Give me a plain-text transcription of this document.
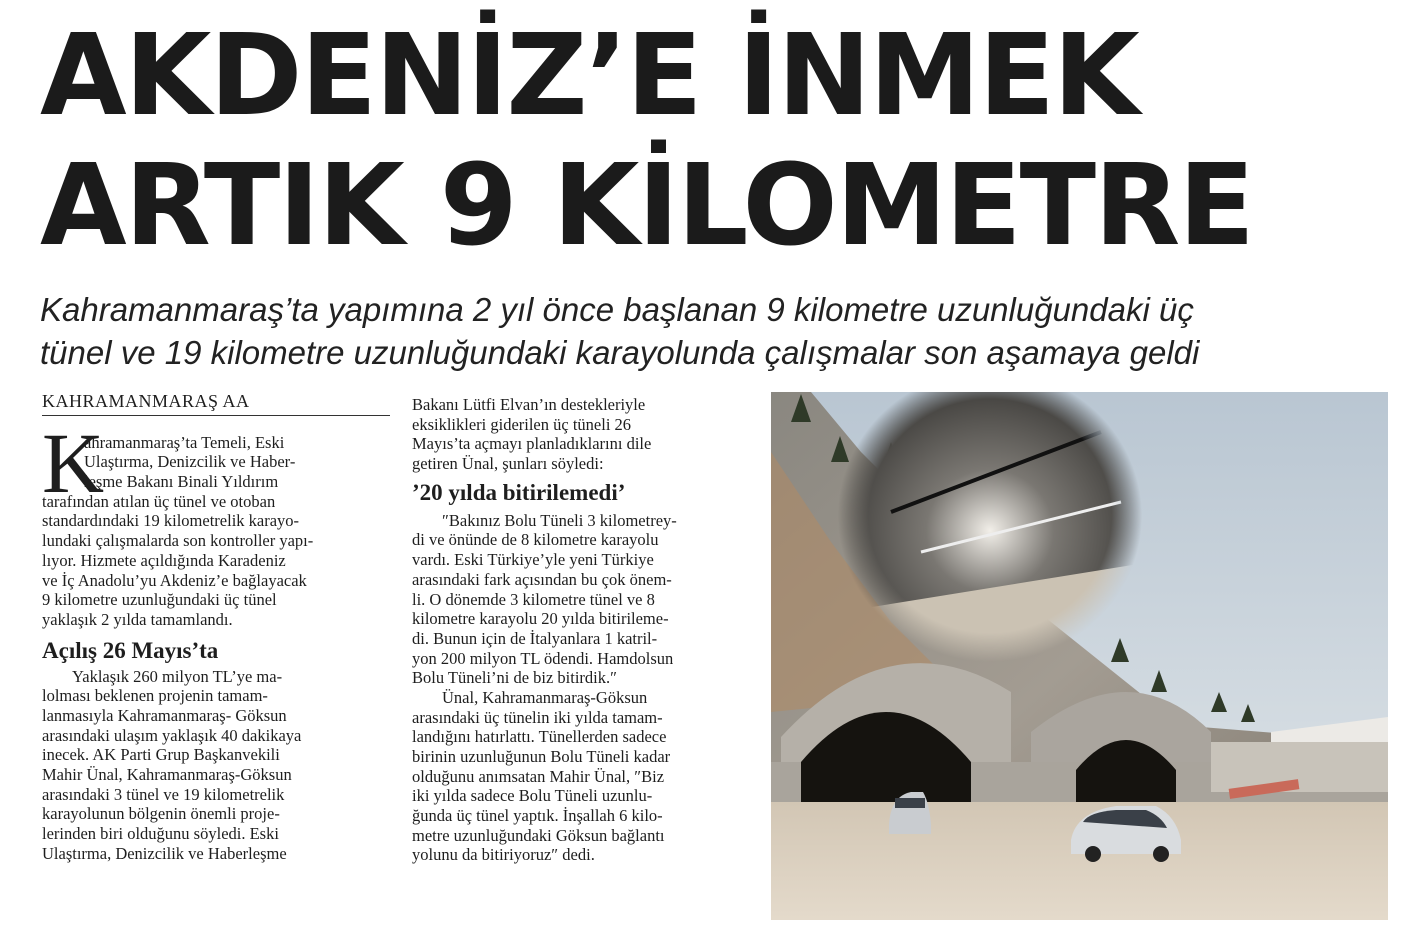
AKDENİZ’E İNMEK
ARTIK 9 KİLOMETRE
Kahramanmaraş’ta yapımına 2 yıl önce başlanan 9 kilometre uzunluğundaki üç
tünel ve 19 kilometre uzunluğundaki karayolunda çalışmalar son aşamaya geldi
KAHRAMANMARAŞ AA
K
ahramanmaraş’ta Temeli, Eski
Ulaştırma, Denizcilik ve Haber-
leşme Bakanı Binali Yıldırım
tarafından atılan üç tünel ve otoban
standardındaki 19 kilometrelik karayo-
lundaki çalışmalarda son kontroller yapı-
lıyor. Hizmete açıldığında Karadeniz
ve İç Anadolu’yu Akdeniz’e bağlayacak
9 kilometre uzunluğundaki üç tünel
yaklaşık 2 yılda tamamlandı.
Açılış 26 Mayıs’ta
Yaklaşık 260 milyon TL’ye ma-
lolması beklenen projenin tamam-
lanmasıyla Kahramanmaraş- Göksun
arasındaki ulaşım yaklaşık 40 dakikaya
inecek. AK Parti Grup Başkanvekili
Mahir Ünal, Kahramanmaraş-Göksun
arasındaki 3 tünel ve 19 kilometrelik
karayolunun bölgenin önemli proje-
lerinden biri olduğunu söyledi. Eski
Ulaştırma, Denizcilik ve Haberleşme
Bakanı Lütfi Elvan’ın destekleriyle
eksiklikleri giderilen üç tüneli 26
Mayıs’ta açmayı planladıklarını dile
getiren Ünal, şunları söyledi:
’20 yılda bitirilemedi’
″Bakınız Bolu Tüneli 3 kilometrey-
di ve önünde de 8 kilometre karayolu
vardı. Eski Türkiye’yle yeni Türkiye
arasındaki fark açısından bu çok önem-
li. O dönemde 3 kilometre tünel ve 8
kilometre karayolu 20 yılda bitirileme-
di. Bunun için de İtalyanlara 1 katril-
yon 200 milyon TL ödendi. Hamdolsun
Bolu Tüneli’ni de biz bitirdik.″
Ünal, Kahramanmaraş-Göksun
arasındaki üç tünelin iki yılda tamam-
landığını hatırlattı. Tünellerden sadece
birinin uzunluğunun Bolu Tüneli kadar
olduğunu anımsatan Mahir Ünal, ″Biz
iki yılda sadece Bolu Tüneli uzunlu-
ğunda üç tünel yaptık. İnşallah 6 kilo-
metre uzunluğundaki Göksun bağlantı
yolunu da bitiriyoruz″ dedi.
